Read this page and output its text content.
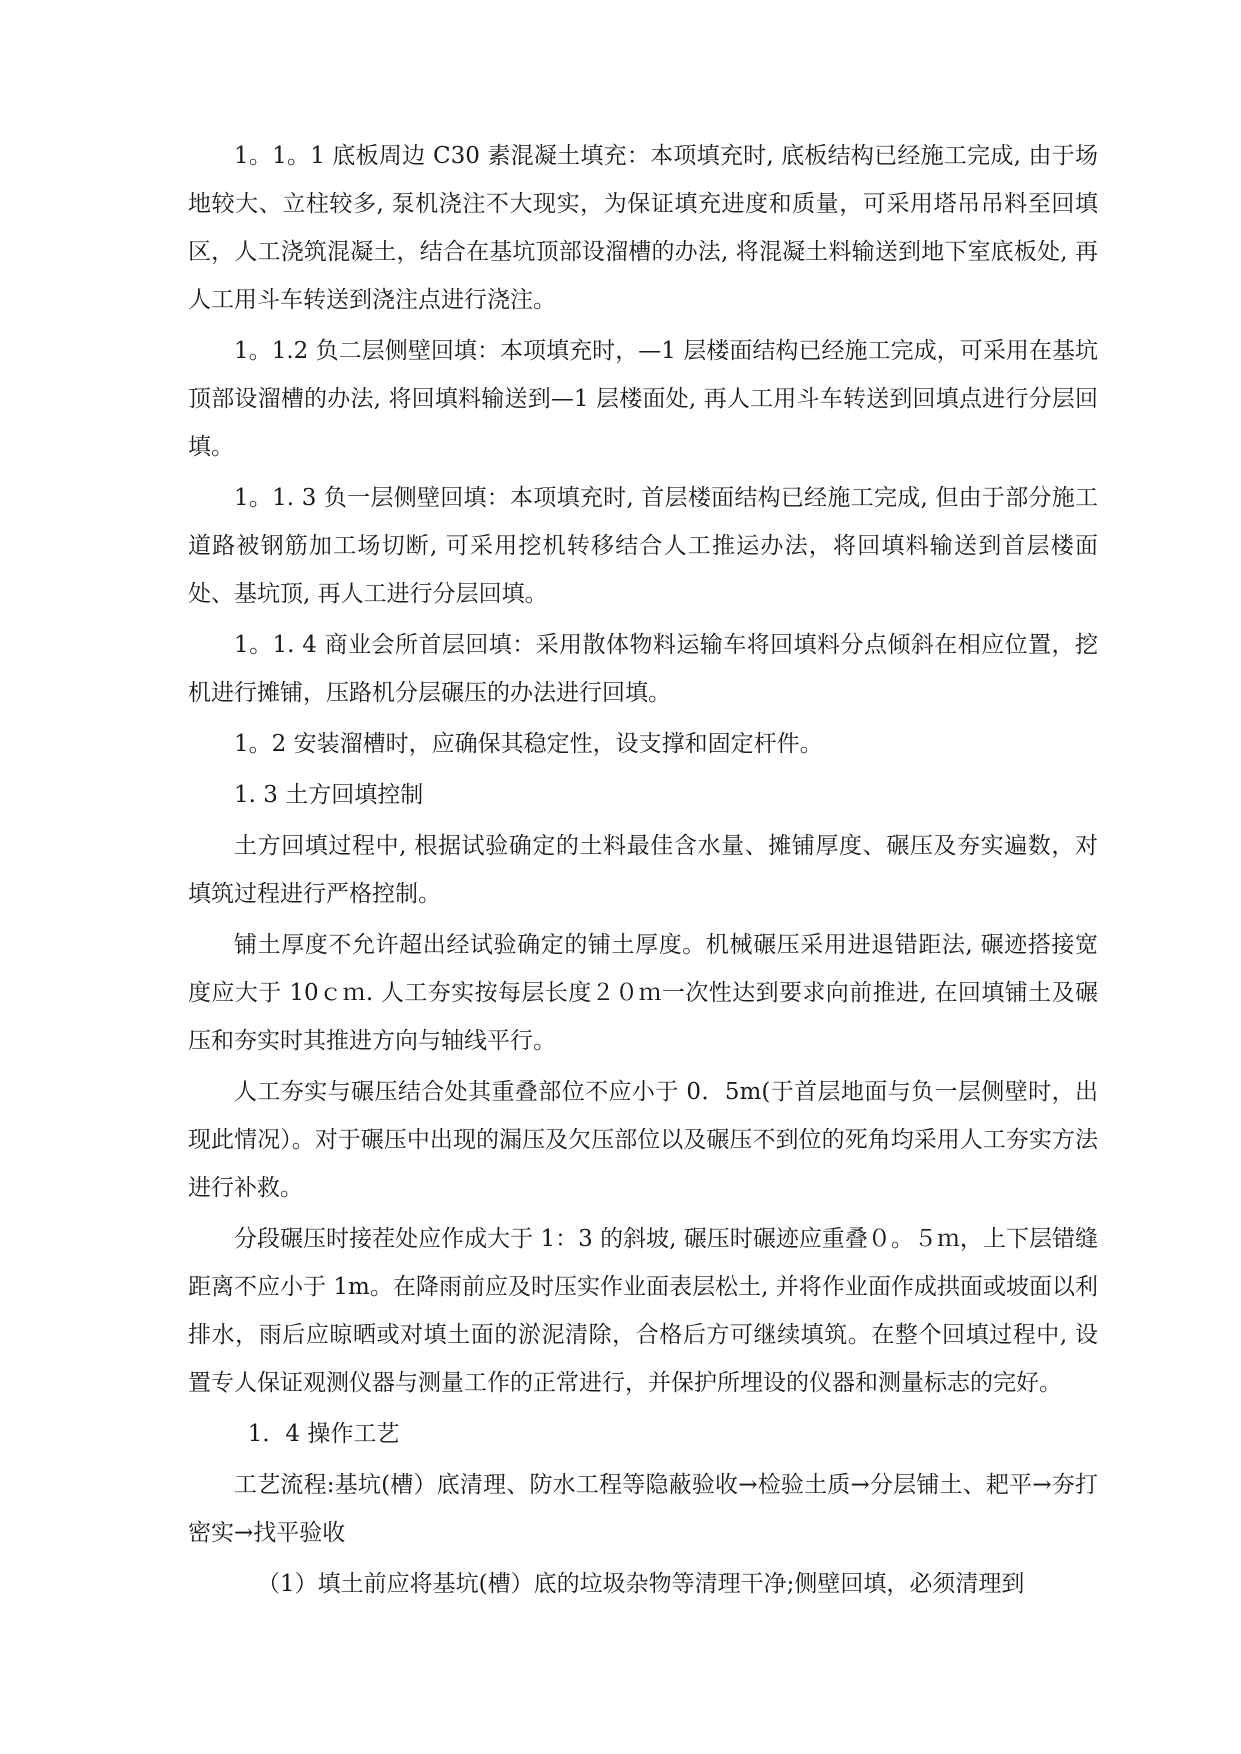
1。1。1 底板周边 C30 素混凝土填充：本项填充时, 底板结构已经施工完成, 由于场地较大、立柱较多, 泵机浇注不大现实，为保证填充进度和质量，可采用塔吊吊料至回填区，人工浇筑混凝土，结合在基坑顶部设溜槽的办法, 将混凝土料输送到地下室底板处, 再人工用斗车转送到浇注点进行浇注。

1。1.2 负二层侧壁回填：本项填充时，—1 层楼面结构已经施工完成，可采用在基坑顶部设溜槽的办法, 将回填料输送到—1 层楼面处, 再人工用斗车转送到回填点进行分层回填。

1。1. 3 负一层侧壁回填：本项填充时, 首层楼面结构已经施工完成, 但由于部分施工道路被钢筋加工场切断, 可采用挖机转移结合人工推运办法，将回填料输送到首层楼面处、基坑顶, 再人工进行分层回填。

1。1. 4 商业会所首层回填：采用散体物料运输车将回填料分点倾斜在相应位置，挖机进行摊铺，压路机分层碾压的办法进行回填。

1。2 安装溜槽时，应确保其稳定性，设支撑和固定杆件。

1. 3 土方回填控制

土方回填过程中, 根据试验确定的土料最佳含水量、摊铺厚度、碾压及夯实遍数，对填筑过程进行严格控制。

铺土厚度不允许超出经试验确定的铺土厚度。机械碾压采用进退错距法, 碾迹搭接宽度应大于 10ｃｍ. 人工夯实按每层长度２０ｍ一次性达到要求向前推进, 在回填铺土及碾压和夯实时其推进方向与轴线平行。

人工夯实与碾压结合处其重叠部位不应小于 0．5m(于首层地面与负一层侧壁时，出现此情况）。对于碾压中出现的漏压及欠压部位以及碾压不到位的死角均采用人工夯实方法进行补救。

分段碾压时接茬处应作成大于 1：3 的斜坡, 碾压时碾迹应重叠０。５ｍ，上下层错缝距离不应小于 1m。在降雨前应及时压实作业面表层松土, 并将作业面作成拱面或坡面以利排水，雨后应晾晒或对填土面的淤泥清除，合格后方可继续填筑。在整个回填过程中, 设置专人保证观测仪器与测量工作的正常进行，并保护所埋设的仪器和测量标志的完好。

1．4 操作工艺

工艺流程:基坑(槽）底清理、防水工程等隐蔽验收→检验土质→分层铺土、耙平→夯打密实→找平验收

（1）填土前应将基坑(槽）底的垃圾杂物等清理干净;侧壁回填，必须清理到
